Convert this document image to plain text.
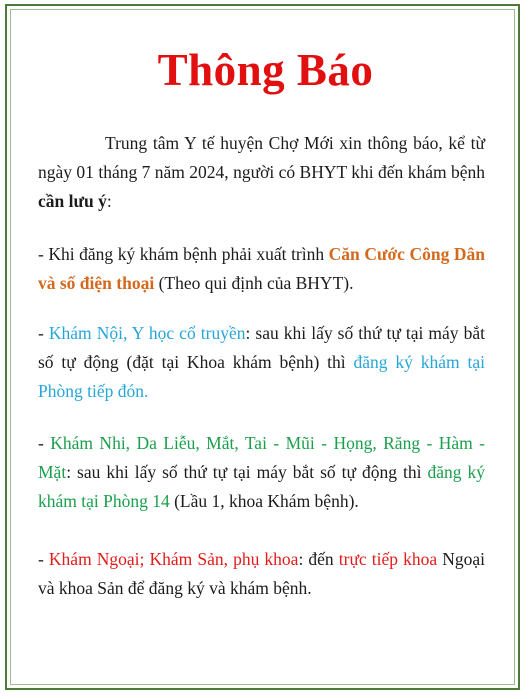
Thông Báo

Trung tâm Y tế huyện Chợ Mới xin thông báo, kể từ ngày 01 tháng 7 năm 2024, người có BHYT khi đến khám bệnh cần lưu ý:

- Khi đăng ký khám bệnh phải xuất trình Căn Cước Công Dân và số điện thoại (Theo qui định của BHYT).

- Khám Nội, Y học cổ truyền: sau khi lấy số thứ tự tại máy bắt số tự động (đặt tại Khoa khám bệnh) thì đăng ký khám tại Phòng tiếp đón.

- Khám Nhi, Da Liễu, Mắt, Tai - Mũi - Họng, Răng - Hàm - Mặt: sau khi lấy số thứ tự tại máy bắt số tự động thì đăng ký khám tại Phòng 14 (Lầu 1, khoa Khám bệnh).

- Khám Ngoại; Khám Sản, phụ khoa: đến trực tiếp khoa Ngoại và khoa Sản để đăng ký và khám bệnh.
